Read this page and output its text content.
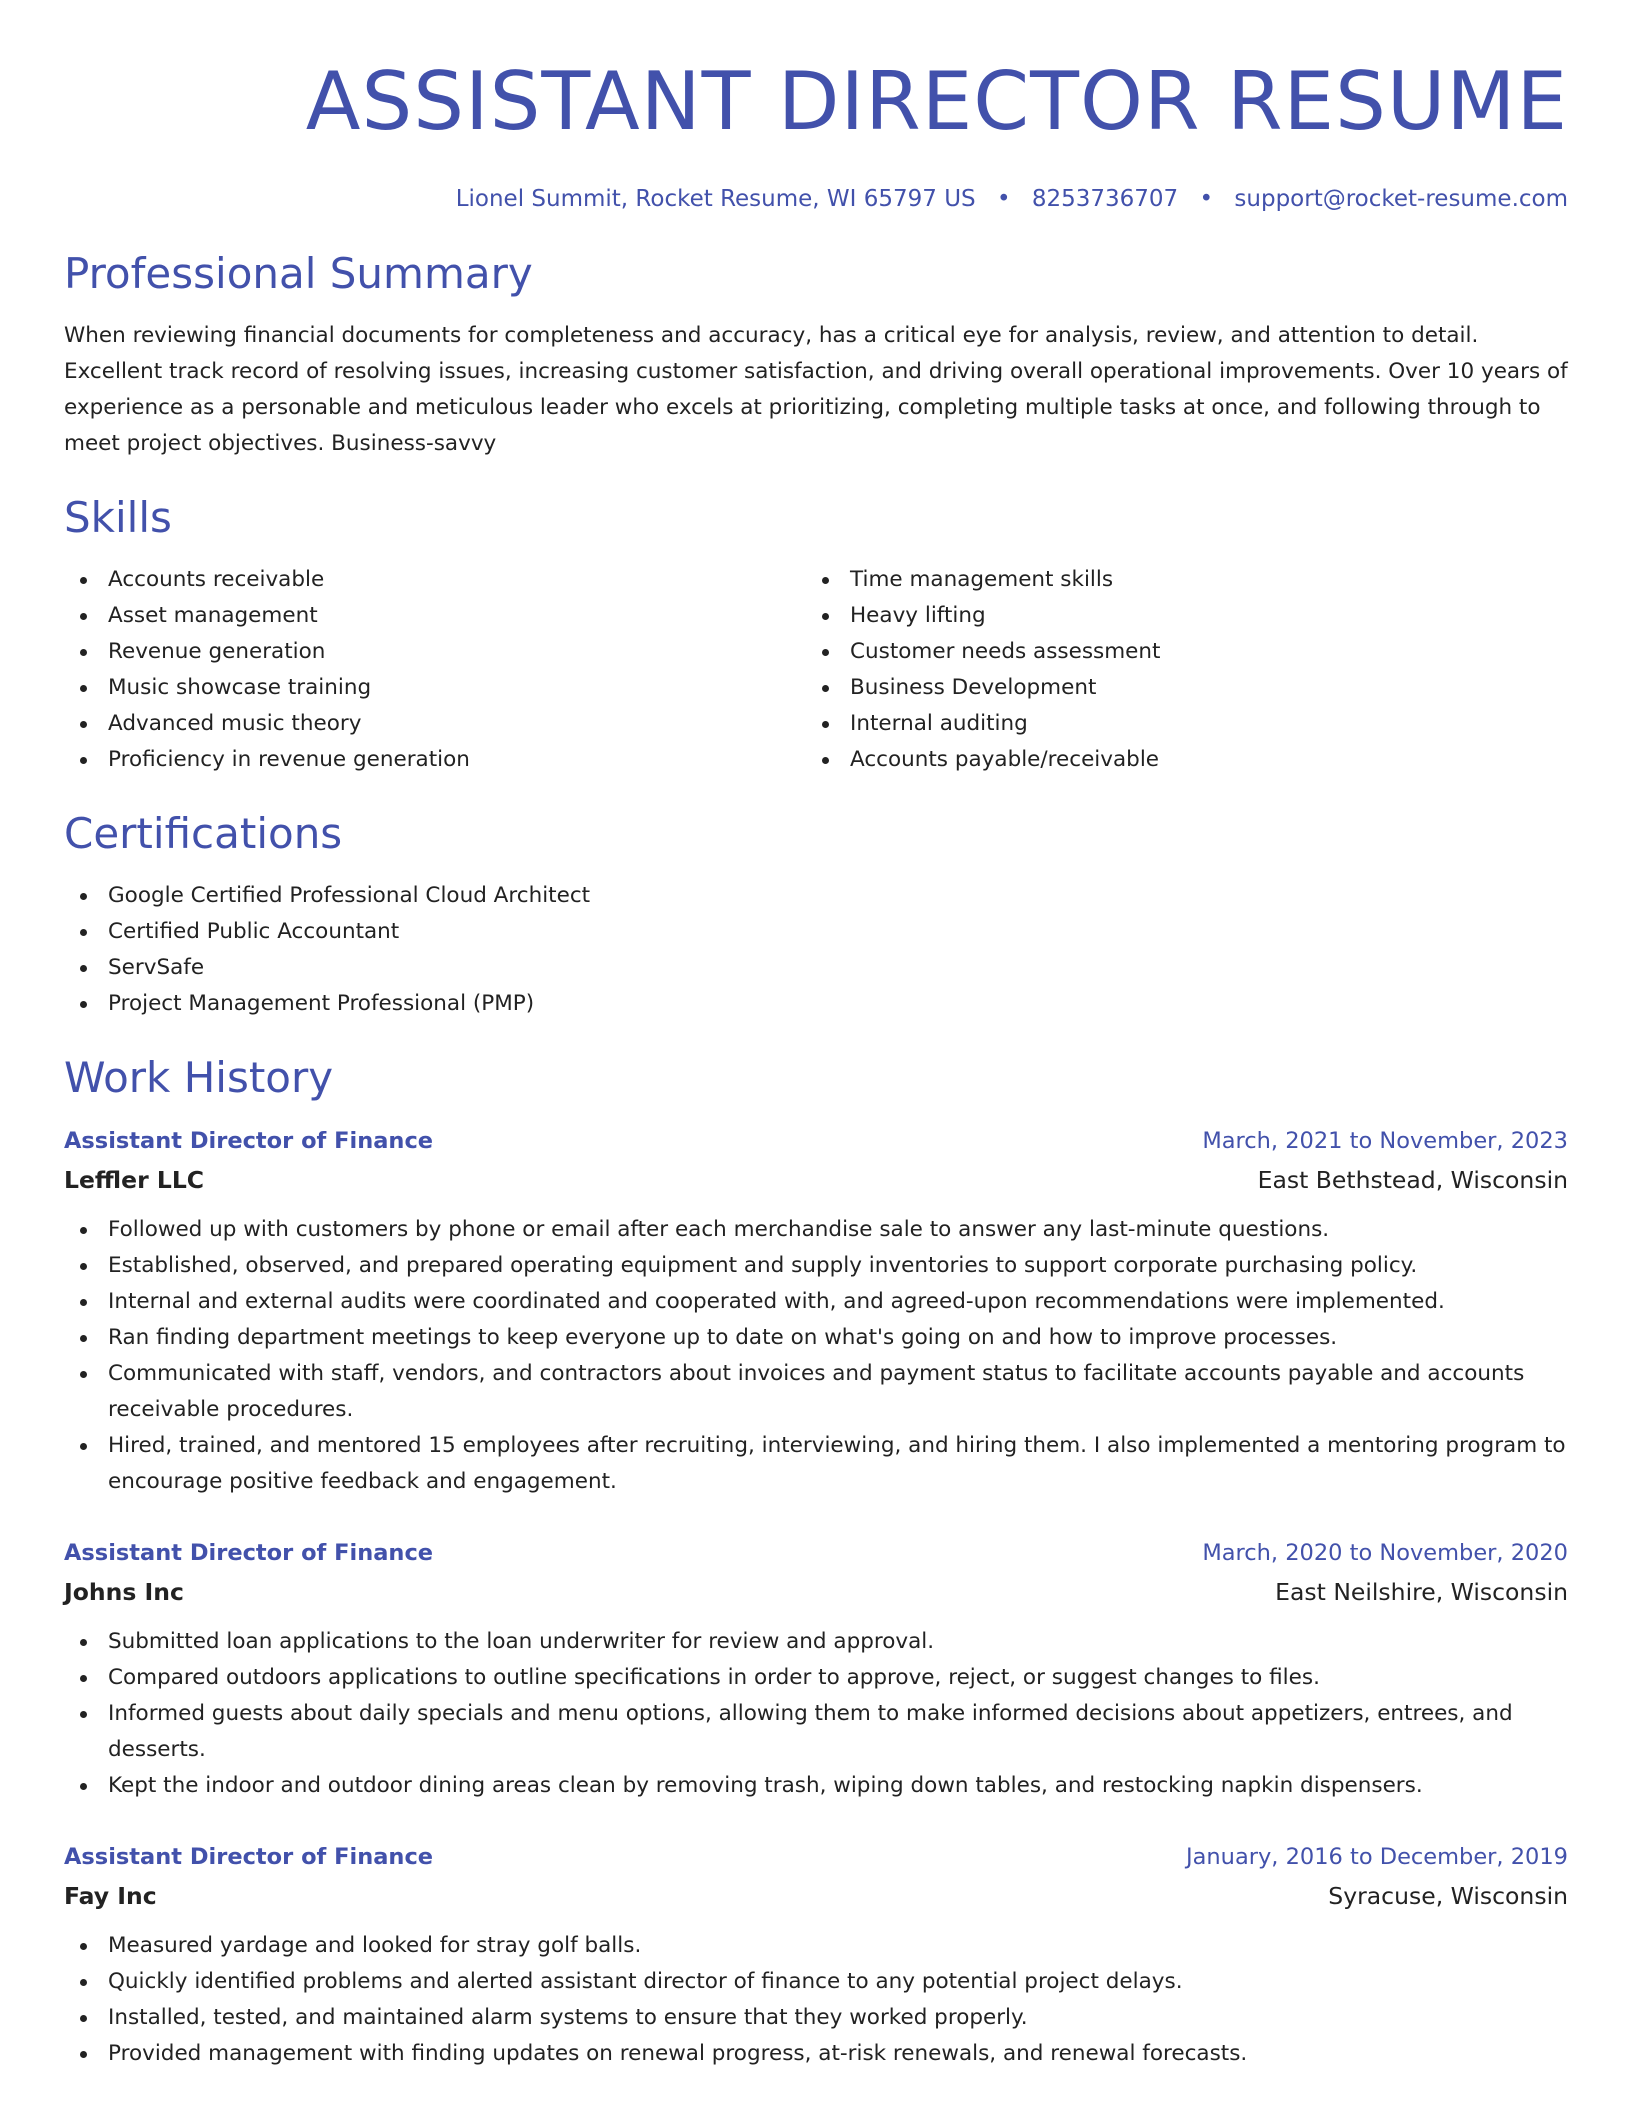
ASSISTANT DIRECTOR RESUME
Lionel Summit, Rocket Resume, WI 65797 US • 8253736707 • support@rocket-resume.com
Professional Summary

When reviewing financial documents for completeness and accuracy, has a critical eye for analysis, review, and attention to detail. Excellent track record of resolving issues, increasing customer satisfaction, and driving overall operational improvements. Over 10 years of experience as a personable and meticulous leader who excels at prioritizing, completing multiple tasks at once, and following through to meet project objectives. Business-savvy

Skills
Accounts receivable
Asset management
Revenue generation
Music showcase training
Advanced music theory
Proficiency in revenue generation
Time management skills
Heavy lifting
Customer needs assessment
Business Development
Internal auditing
Accounts payable/receivable
Certifications
Google Certified Professional Cloud Architect
Certified Public Accountant
ServSafe
Project Management Professional (PMP)
Work History
Assistant Director of Finance	March, 2021 to November, 2023
Leffler LLC	East Bethstead, Wisconsin
Followed up with customers by phone or email after each merchandise sale to answer any last-minute questions.
Established, observed, and prepared operating equipment and supply inventories to support corporate purchasing policy.
Internal and external audits were coordinated and cooperated with, and agreed-upon recommendations were implemented.
Ran finding department meetings to keep everyone up to date on what's going on and how to improve processes.
Communicated with staff, vendors, and contractors about invoices and payment status to facilitate accounts payable and accounts receivable procedures.
Hired, trained, and mentored 15 employees after recruiting, interviewing, and hiring them. I also implemented a mentoring program to encourage positive feedback and engagement.
Assistant Director of Finance	March, 2020 to November, 2020
Johns Inc	East Neilshire, Wisconsin
Submitted loan applications to the loan underwriter for review and approval.
Compared outdoors applications to outline specifications in order to approve, reject, or suggest changes to files.
Informed guests about daily specials and menu options, allowing them to make informed decisions about appetizers, entrees, and desserts.
Kept the indoor and outdoor dining areas clean by removing trash, wiping down tables, and restocking napkin dispensers.
Assistant Director of Finance	January, 2016 to December, 2019
Fay Inc	Syracuse, Wisconsin
Measured yardage and looked for stray golf balls.
Quickly identified problems and alerted assistant director of finance to any potential project delays.
Installed, tested, and maintained alarm systems to ensure that they worked properly.
Provided management with finding updates on renewal progress, at-risk renewals, and renewal forecasts.
